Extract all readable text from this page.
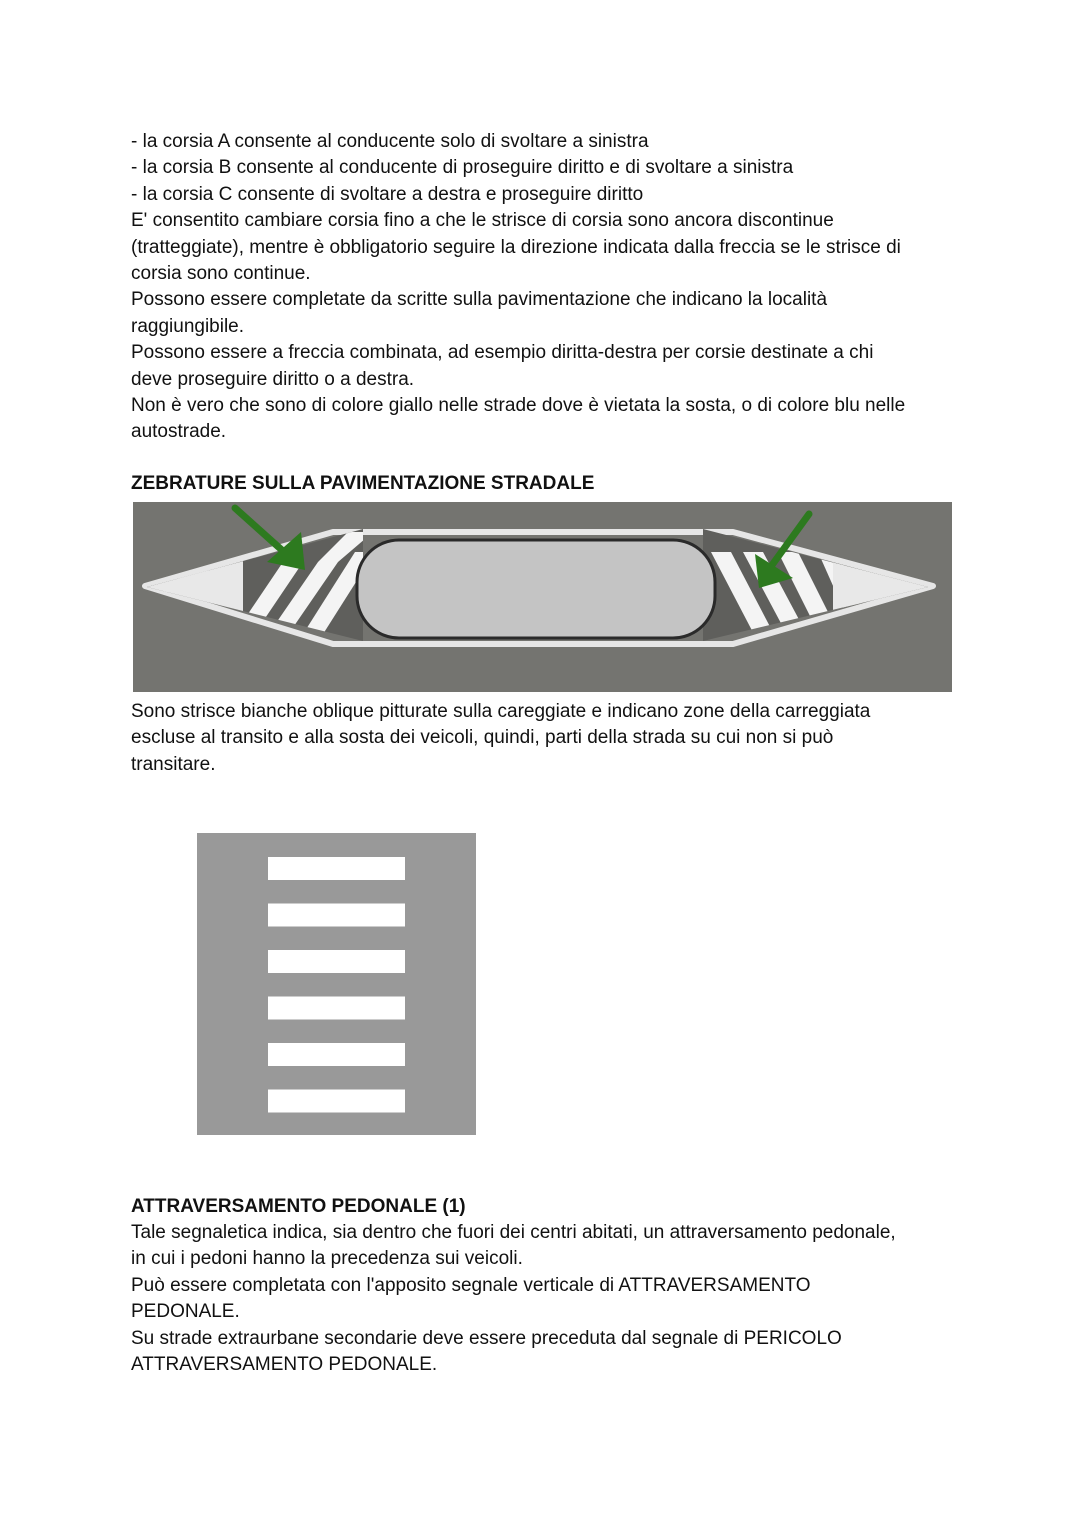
- la corsia A consente al conducente solo di svoltare a sinistra
- la corsia B consente al conducente di proseguire diritto e di svoltare a sinistra
- la corsia C consente di svoltare a destra e proseguire diritto
E' consentito cambiare corsia fino a che le strisce di corsia sono ancora discontinue
(tratteggiate), mentre è obbligatorio seguire la direzione indicata dalla freccia se le strisce di
corsia sono continue.
Possono essere completate da scritte sulla pavimentazione che indicano la località
raggiungibile.
Possono essere a freccia combinata, ad esempio diritta-destra per corsie destinate a chi
deve proseguire diritto o a destra.
Non è vero che sono di colore giallo nelle strade dove è vietata la sosta, o di colore blu nelle
autostrade.
ZEBRATURE SULLA PAVIMENTAZIONE STRADALE
Sono strisce bianche oblique pitturate sulla careggiate e indicano zone della carreggiata
escluse al transito e alla sosta dei veicoli, quindi, parti della strada su cui non si può
transitare.
ATTRAVERSAMENTO PEDONALE (1)
Tale segnaletica indica, sia dentro che fuori dei centri abitati, un attraversamento pedonale,
in cui i pedoni hanno la precedenza sui veicoli.
Può essere completata con l'apposito segnale verticale di ATTRAVERSAMENTO
PEDONALE.
Su strade extraurbane secondarie deve essere preceduta dal segnale di PERICOLO
ATTRAVERSAMENTO PEDONALE.
